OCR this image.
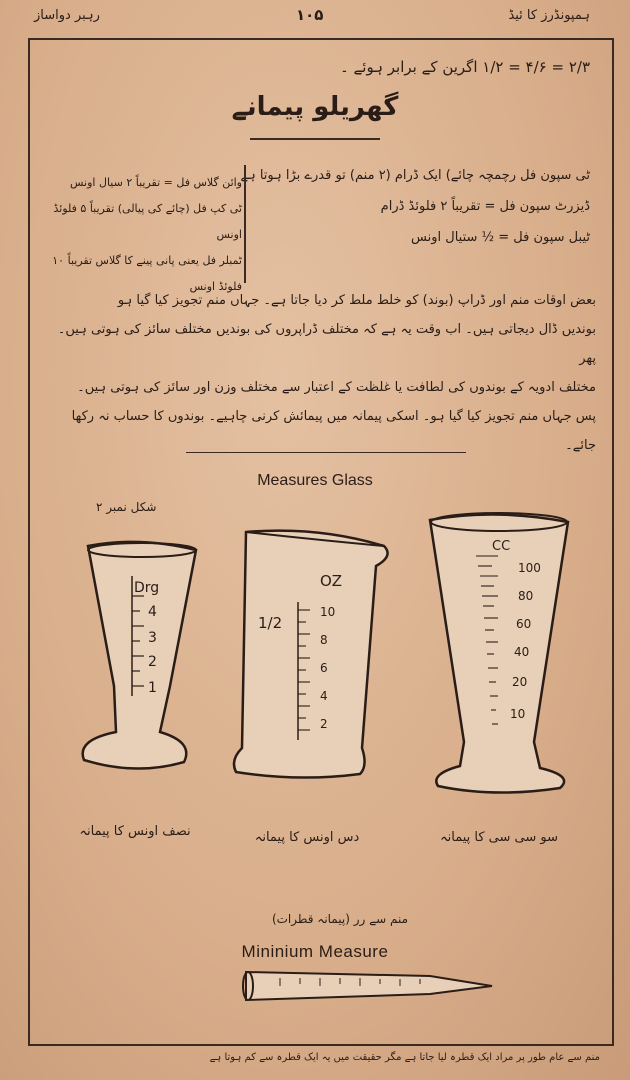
رہبر دواساز	۱۰۵	ہمپونڈرز کا ئیڈ
۲/۳ = ۴/۶ = ۱/۲ اگرین کے برابر ہوئے ۔
گھریلو پیمانے
ٹی سپون فل رچمچہ چائے) ایک ڈرام (۲ منم) تو قدرے بڑا ہوتا ہے
ڈیزرٹ سپون فل = تقریباً ۲ فلوئڈ ڈرام
ٹیبل سپون فل = ½ ستیال اونس
وائن گلاس فل = تقریباً ۲ سیال اونس
ٹی کپ فل (چائے کی پیالی) تقریباً ۵ فلوئڈ اونس
ٹمبلر فل یعنی پانی پینے کا گلاس تقریباً ۱۰ فلوئڈ اونس
بعض اوقات منم اور ڈراپ (بوند) کو خلط ملط کر دیا جاتا ہے۔ جہاں منم تجویز کیا گیا ہو
بوندیں ڈال دیجاتی ہیں۔ اب وقت یہ ہے کہ مختلف ڈراپروں کی بوندیں مختلف سائز کی ہوتی ہیں۔ پھر
مختلف ادویہ کے بوندوں کی لطافت یا غلظت کے اعتبار سے مختلف وزن اور سائز کی ہوتی ہیں۔
پس جہاں منم تجویز کیا گیا ہو۔ اسکی پیمانہ میں پیمائش کرنی چاہیے۔ بوندوں کا حساب نہ رکھا جائے۔
Measures Glass
شکل نمبر ۲
Drg
4
3
2
1
OZ
1/2
10
8
6
4
2
CC
100
80
60
40
20
10
نصف اونس کا پیمانہ	دس اونس کا پیمانہ	سو سی سی کا پیمانہ
منم سے رر (پیمانہ قطرات)
Mininium Measure
منم سے عام طور پر مراد ایک قطرہ لیا جاتا ہے مگر حقیقت میں یہ ایک قطرہ سے کم ہوتا ہے
